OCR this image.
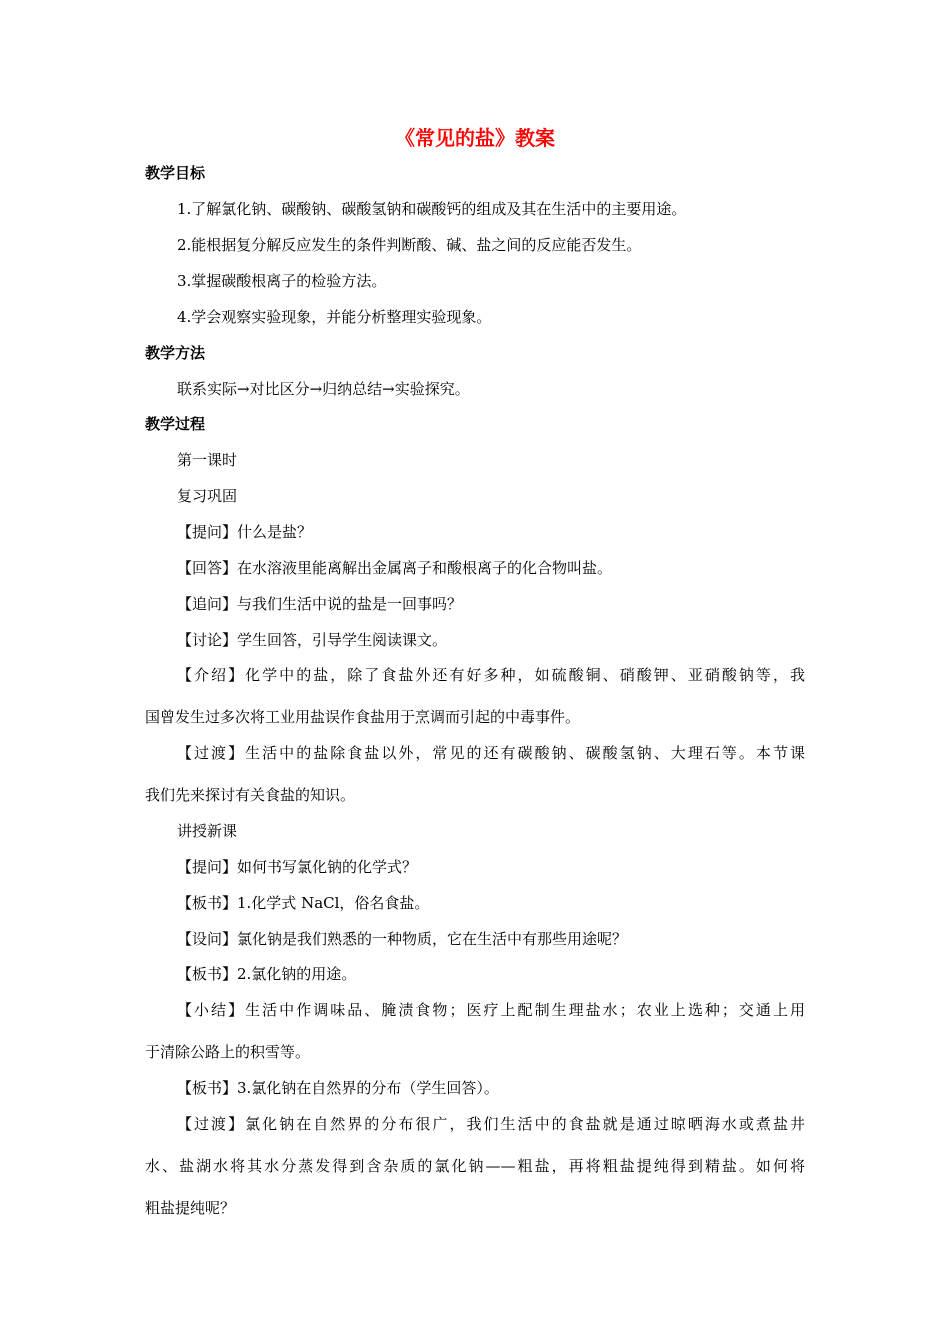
《常见的盐》教案
教学目标
1.了解氯化钠、碳酸钠、碳酸氢钠和碳酸钙的组成及其在生活中的主要用途。
2.能根据复分解反应发生的条件判断酸、碱、盐之间的反应能否发生。
3.掌握碳酸根离子的检验方法。
4.学会观察实验现象，并能分析整理实验现象。
教学方法
联系实际→对比区分→归纳总结→实验探究。
教学过程
第一课时
复习巩固
【提问】什么是盐？
【回答】在水溶液里能离解出金属离子和酸根离子的化合物叫盐。
【追问】与我们生活中说的盐是一回事吗？
【讨论】学生回答，引导学生阅读课文。
【介绍】化学中的盐，除了食盐外还有好多种，如硫酸铜、硝酸钾、亚硝酸钠等，我
国曾发生过多次将工业用盐误作食盐用于烹调而引起的中毒事件。
【过渡】生活中的盐除食盐以外，常见的还有碳酸钠、碳酸氢钠、大理石等。本节课
我们先来探讨有关食盐的知识。
讲授新课
【提问】如何书写氯化钠的化学式？
【板书】1.化学式 NaCl，俗名食盐。
【设问】氯化钠是我们熟悉的一种物质，它在生活中有那些用途呢？
【板书】2.氯化钠的用途。
【小结】生活中作调味品、腌渍食物；医疗上配制生理盐水；农业上选种；交通上用
于清除公路上的积雪等。
【板书】3.氯化钠在自然界的分布（学生回答）。
【过渡】氯化钠在自然界的分布很广，我们生活中的食盐就是通过晾晒海水或煮盐井
水、盐湖水将其水分蒸发得到含杂质的氯化钠——粗盐，再将粗盐提纯得到精盐。如何将
粗盐提纯呢？
